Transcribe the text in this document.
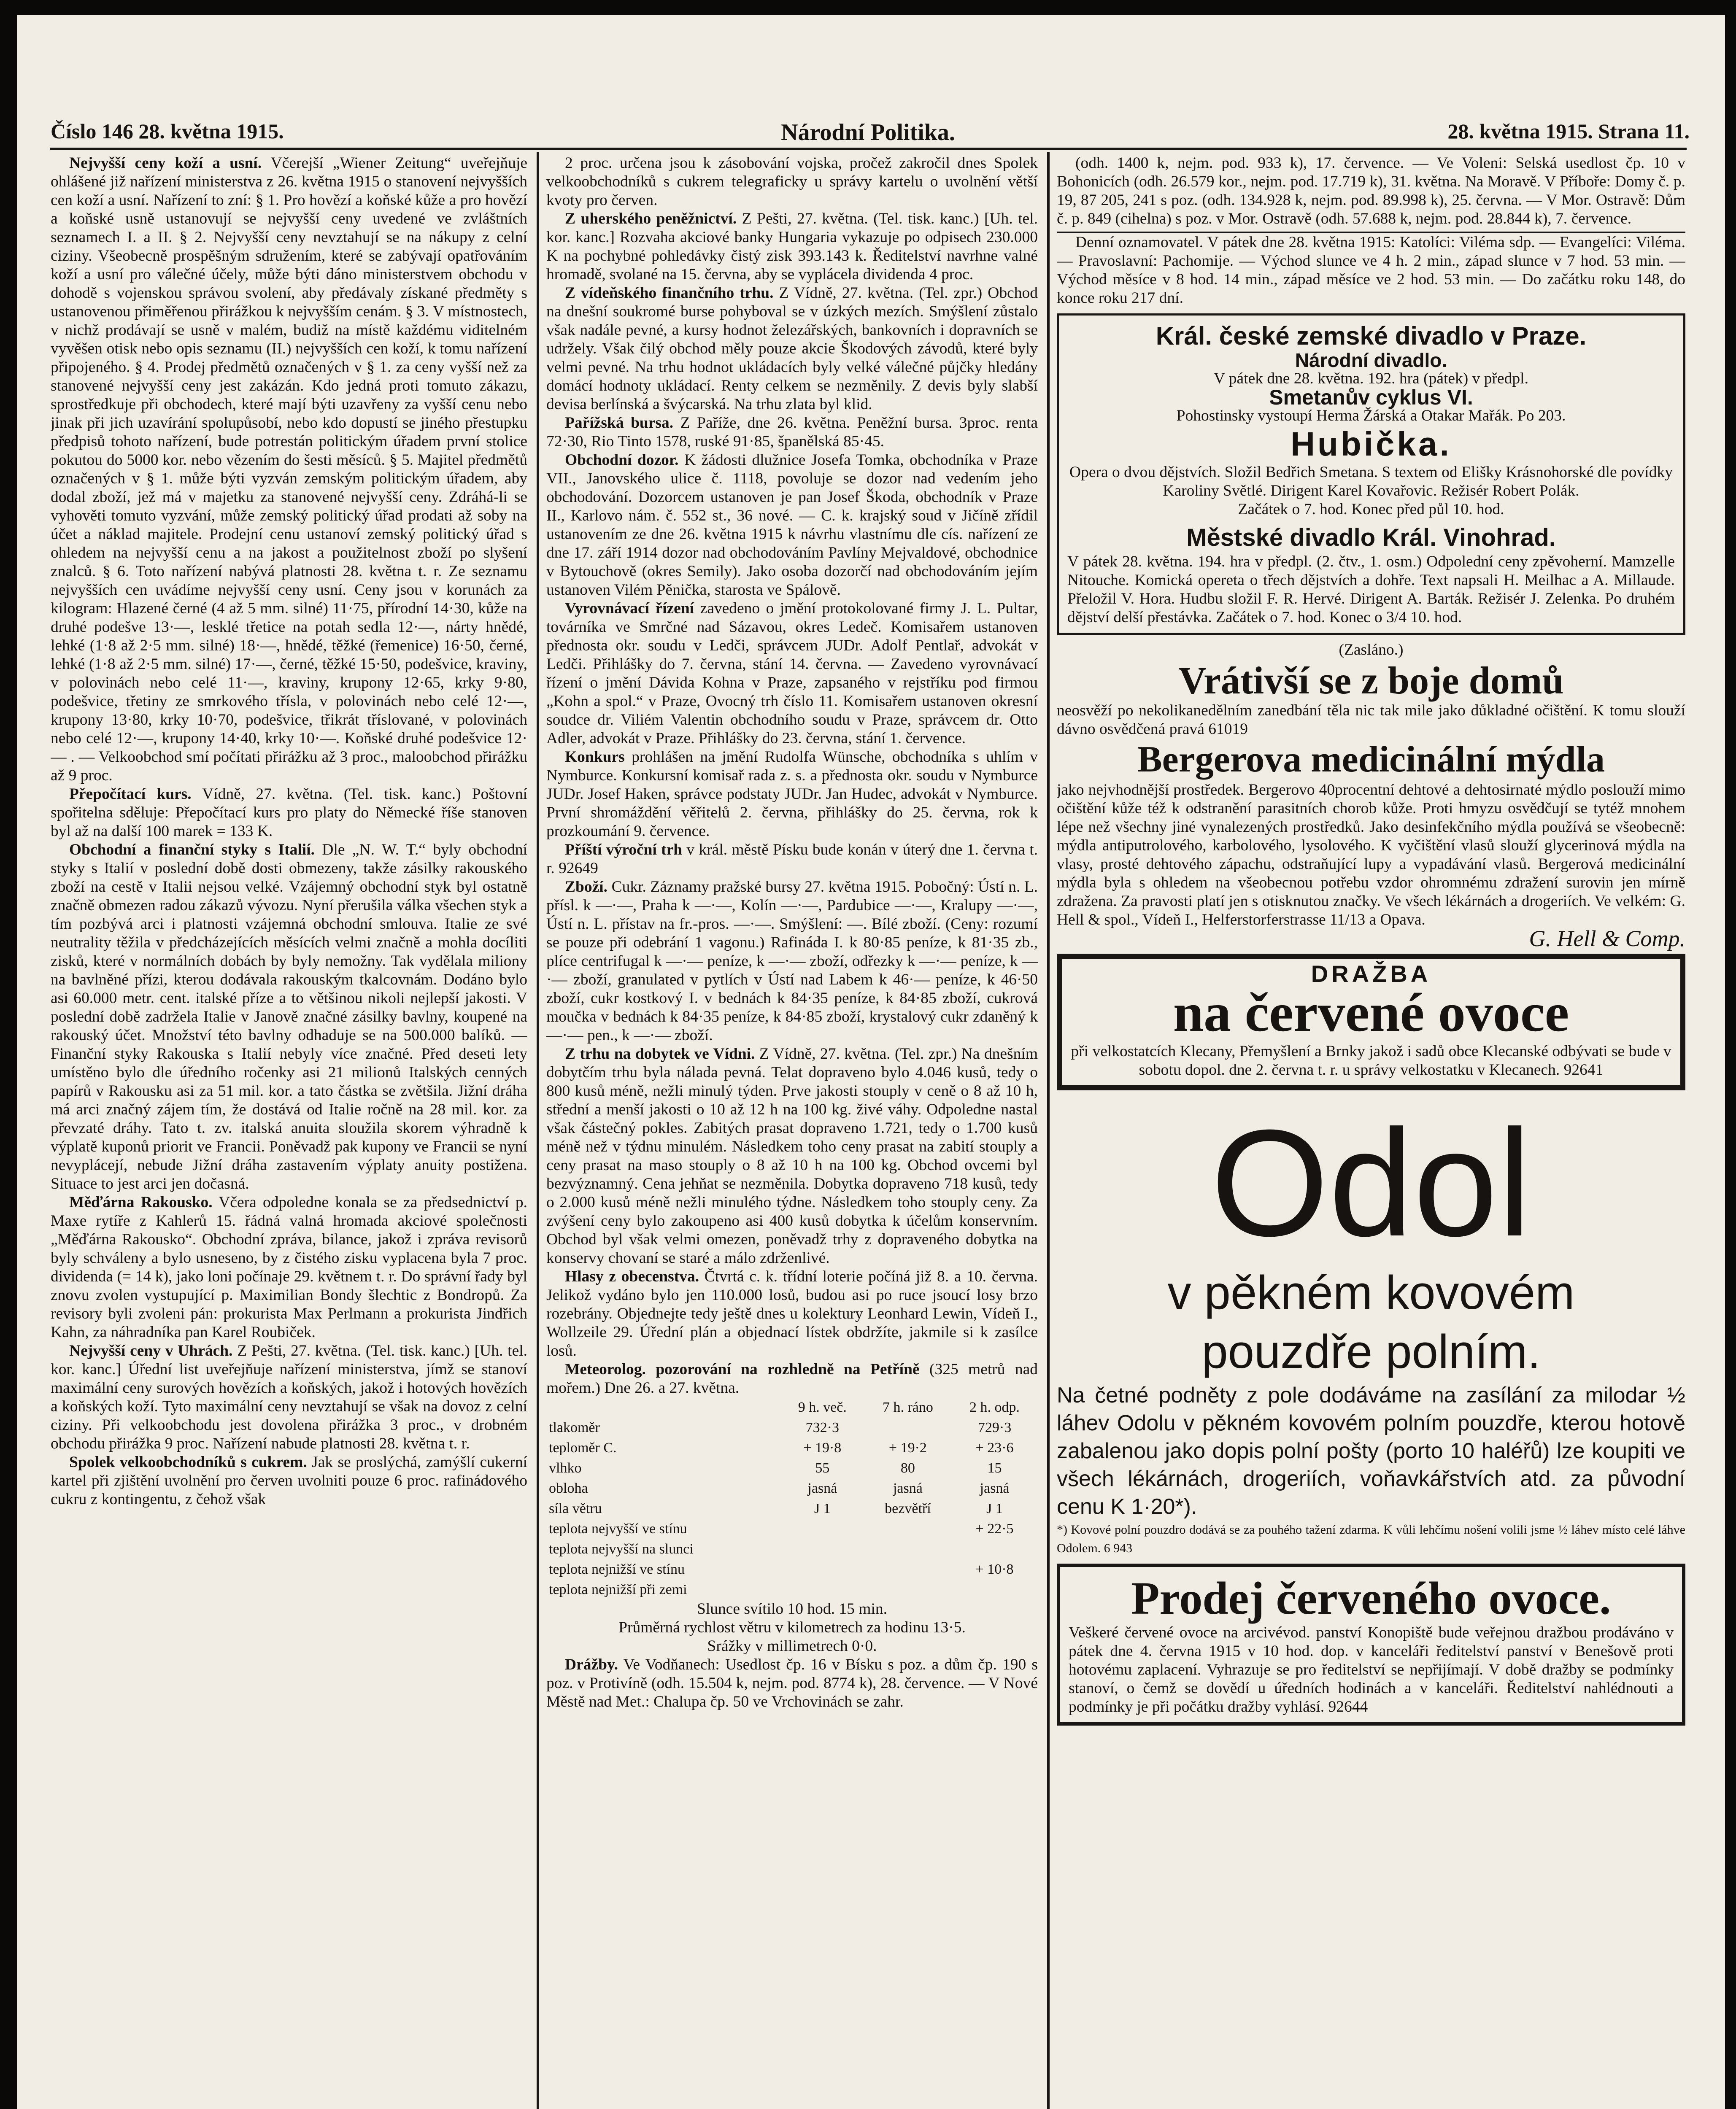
Číslo 146 28. května 1915.	Národní Politika.	28. května 1915. Strana 11.

Nejvyšší ceny koží a usní. Včerejší „Wiener Zeitung“ uveřejňuje ohlášené již nařízení ministerstva z 26. května 1915 o stanovení nejvyšších cen koží a usní. Nařízení to zní: § 1. Pro hovězí a koňské kůže a pro hovězí a koňské usně ustanovují se nejvyšší ceny uvedené ve zvláštních seznamech I. a II. § 2. Nejvyšší ceny nevztahují se na nákupy z celní ciziny. Všeobecně prospěšným sdružením, které se zabývají opatřováním koží a usní pro válečné účely, může býti dáno ministerstvem obchodu v dohodě s vojenskou správou svolení, aby předávaly získané předměty s ustanovenou přiměřenou přirážkou k nejvyšším cenám. § 3. V místnostech, v nichž prodávají se usně v malém, budiž na místě každému viditelném vyvěšen otisk nebo opis seznamu (II.) nejvyšších cen koží, k tomu nařízení připojeného. § 4. Prodej předmětů označených v § 1. za ceny vyšší než za stanovené nejvyšší ceny jest zakázán. Kdo jedná proti tomuto zákazu, sprostředkuje při obchodech, které mají býti uzavřeny za vyšší cenu nebo jinak při jich uzavírání spolupůsobí, nebo kdo dopustí se jiného přestupku předpisů tohoto nařízení, bude potrestán politickým úřadem první stolice pokutou do 5000 kor. nebo vězením do šesti měsíců. § 5. Majitel předmětů označených v § 1. může býti vyzván zemským politickým úřadem, aby dodal zboží, jež má v majetku za stanovené nejvyšší ceny. Zdráhá-li se vyhověti tomuto vyzvání, může zemský politický úřad prodati až soby na účet a náklad majitele. Prodejní cenu ustanoví zemský politický úřad s ohledem na nejvyšší cenu a na jakost a použitelnost zboží po slyšení znalců. § 6. Toto nařízení nabývá platnosti 28. května t. r. Ze seznamu nejvyšších cen uvádíme nejvyšší ceny usní. Ceny jsou v korunách za kilogram: Hlazené černé (4 až 5 mm. silné) 11·75, přírodní 14·30, kůže na druhé podešve 13·—, lesklé třetice na potah sedla 12·—, nárty hnědé, lehké (1·8 až 2·5 mm. silné) 18·—, hnědé, těžké (řemenice) 16·50, černé, lehké (1·8 až 2·5 mm. silné) 17·—, černé, těžké 15·50, podešvice, kraviny, v polovinách nebo celé 11·—, kraviny, krupony 12·65, krky 9·80, podešvice, třetiny ze smrkového třísla, v polovinách nebo celé 12·—, krupony 13·80, krky 10·70, podešvice, třikrát tříslované, v polovinách nebo celé 12·—, krupony 14·40, krky 10·—. Koňské druhé podešvice 12·— . — Velkoobchod smí počítati přirážku až 3 proc., maloobchod přirážku až 9 proc.

Přepočítací kurs. Vídně, 27. května. (Tel. tisk. kanc.) Poštovní spořitelna sděluje: Přepočítací kurs pro platy do Německé říše stanoven byl až na další 100 marek = 133 K.

Obchodní a finanční styky s Italií. Dle „N. W. T.“ byly obchodní styky s Italií v poslední době dosti obmezeny, takže zásilky rakouského zboží na cestě v Italii nejsou velké. Vzájemný obchodní styk byl ostatně značně obmezen radou zákazů vývozu. Nyní přerušila válka všechen styk a tím pozbývá arci i platnosti vzájemná obchodní smlouva. Italie ze své neutrality těžila v předcházejících měsících velmi značně a mohla docíliti zisků, které v normálních dobách by byly nemožny. Tak vydělala miliony na bavlněné přízi, kterou dodávala rakouským tkalcovnám. Dodáno bylo asi 60.000 metr. cent. italské příze a to většinou nikoli nejlepší jakosti. V poslední době zadržela Italie v Janově značné zásilky bavlny, koupené na rakouský účet. Množství této bavlny odhaduje se na 500.000 balíků. — Finanční styky Rakouska s Italií nebyly více značné. Před deseti lety umístěno bylo dle úředního ročenky asi 21 milionů Italských cenných papírů v Rakousku asi za 51 mil. kor. a tato částka se zvětšila. Jižní dráha má arci značný zájem tím, že dostává od Italie ročně na 28 mil. kor. za převzaté dráhy. Tato t. zv. italská anuita sloužila skorem výhradně k výplatě kuponů priorit ve Francii. Poněvadž pak kupony ve Francii se nyní nevyplácejí, nebude Jižní dráha zastavením výplaty anuity postižena. Situace to jest arci jen dočasná.

Měďárna Rakousko. Včera odpoledne konala se za předsednictví p. Maxe rytíře z Kahlerů 15. řádná valná hromada akciové společnosti „Měďárna Rakousko“. Obchodní zpráva, bilance, jakož i zpráva revisorů byly schváleny a bylo usneseno, by z čistého zisku vyplacena byla 7 proc. dividenda (= 14 k), jako loni počínaje 29. květnem t. r. Do správní řady byl znovu zvolen vystupující p. Maximilian Bondy šlechtic z Bondropů. Za revisory byli zvoleni pán: prokurista Max Perlmann a prokurista Jindřich Kahn, za náhradníka pan Karel Roubiček.

Nejvyšší ceny v Uhrách. Z Pešti, 27. května. (Tel. tisk. kanc.) [Uh. tel. kor. kanc.] Úřední list uveřejňuje nařízení ministerstva, jímž se stanoví maximální ceny surových hovězích a koňských, jakož i hotových hovězích a koňských koží. Tyto maximální ceny nevztahují se však na dovoz z celní ciziny. Při velkoobchodu jest dovolena přirážka 3 proc., v drobném obchodu přirážka 9 proc. Nařízení nabude platnosti 28. května t. r.

Spolek velkoobchodníků s cukrem. Jak se proslýchá, zamýšlí cukerní kartel při zjištění uvolnění pro červen uvolniti pouze 6 proc. rafinádového cukru z kontingentu, z čehož však

2 proc. určena jsou k zásobování vojska, pročež zakročil dnes Spolek velkoobchodníků s cukrem telegraficky u správy kartelu o uvolnění větší kvoty pro červen.

Z uherského peněžnictví. Z Pešti, 27. května. (Tel. tisk. kanc.) [Uh. tel. kor. kanc.] Rozvaha akciové banky Hungaria vykazuje po odpisech 230.000 K na pochybné pohledávky čistý zisk 393.143 k. Ředitelství navrhne valné hromadě, svolané na 15. června, aby se vyplácela dividenda 4 proc.

Z vídeňského finančního trhu. Z Vídně, 27. května. (Tel. zpr.) Obchod na dnešní soukromé burse pohyboval se v úzkých mezích. Smýšlení zůstalo však nadále pevné, a kursy hodnot železářských, bankovních i dopravních se udržely. Však čilý obchod měly pouze akcie Škodových závodů, které byly velmi pevné. Na trhu hodnot ukládacích byly velké válečné půjčky hledány domácí hodnoty ukládací. Renty celkem se nezměnily. Z devis byly slabší devisa berlínská a švýcarská. Na trhu zlata byl klid.

Pařížská bursa. Z Paříže, dne 26. května. Peněžní bursa. 3proc. renta 72·30, Rio Tinto 1578, ruské 91·85, španělská 85·45.

Obchodní dozor. K žádosti dlužnice Josefa Tomka, obchodníka v Praze VII., Janovského ulice č. 1118, povoluje se dozor nad vedením jeho obchodování. Dozorcem ustanoven je pan Josef Škoda, obchodník v Praze II., Karlovo nám. č. 552 st., 36 nové. — C. k. krajský soud v Jičíně zřídil ustanovením ze dne 26. května 1915 k návrhu vlastnímu dle cís. nařízení ze dne 17. září 1914 dozor nad obchodováním Pavlíny Mejvaldové, obchodnice v Bytouchově (okres Semily). Jako osoba dozorčí nad obchodováním jejím ustanoven Vilém Pěnička, starosta ve Spálově.

Vyrovnávací řízení zavedeno o jmění protokolované firmy J. L. Pultar, továrníka ve Smrčné nad Sázavou, okres Ledeč. Komisařem ustanoven přednosta okr. soudu v Ledči, správcem JUDr. Adolf Pentlař, advokát v Ledči. Přihlášky do 7. června, stání 14. června. — Zavedeno vyrovnávací řízení o jmění Dávida Kohna v Praze, zapsaného v rejstříku pod firmou „Kohn a spol.“ v Praze, Ovocný trh číslo 11. Komisařem ustanoven okresní soudce dr. Viliém Valentin obchodního soudu v Praze, správcem dr. Otto Adler, advokát v Praze. Přihlášky do 23. června, stání 1. července.

Konkurs prohlášen na jmění Rudolfa Wünsche, obchodníka s uhlím v Nymburce. Konkursní komisař rada z. s. a přednosta okr. soudu v Nymburce JUDr. Josef Haken, správce podstaty JUDr. Jan Hudec, advokát v Nymburce. První shromáždění věřitelů 2. června, přihlášky do 25. června, rok k prozkoumání 9. července.

Příští výroční trh v král. městě Písku bude konán v úterý dne 1. června t. r. 92649

Zboží. Cukr. Záznamy pražské bursy 27. května 1915. Pobočný: Ústí n. L. přísl. k —·—, Praha k —·—, Kolín —·—, Pardubice —·—, Kralupy —·—, Ústí n. L. přístav na fr.-pros. —·—. Smýšlení: —. Bílé zboží. (Ceny: rozumí se pouze při odebrání 1 vagonu.) Rafináda I. k 80·85 peníze, k 81·35 zb., plíce centrifugal k —·— peníze, k —·— zboží, odřezky k —·— peníze, k —·— zboží, granulated v pytlích v Ústí nad Labem k 46·— peníze, k 46·50 zboží, cukr kostkový I. v bednách k 84·35 peníze, k 84·85 zboží, cukrová moučka v bednách k 84·35 peníze, k 84·85 zboží, krystalový cukr zdaněný k —·— pen., k —·— zboží.

Z trhu na dobytek ve Vídni. Z Vídně, 27. května. (Tel. zpr.) Na dnešním dobytčím trhu byla nálada pevná. Telat dopraveno bylo 4.046 kusů, tedy o 800 kusů méně, nežli minulý týden. Prve jakosti stouply v ceně o 8 až 10 h, střední a menší jakosti o 10 až 12 h na 100 kg. živé váhy. Odpoledne nastal však částečný pokles. Zabitých prasat dopraveno 1.721, tedy o 1.700 kusů méně než v týdnu minulém. Následkem toho ceny prasat na zabití stouply a ceny prasat na maso stouply o 8 až 10 h na 100 kg. Obchod ovcemi byl bezvýznamný. Cena jehňat se nezměnila. Dobytka dopraveno 718 kusů, tedy o 2.000 kusů méně nežli minulého týdne. Následkem toho stouply ceny. Za zvýšení ceny bylo zakoupeno asi 400 kusů dobytka k účelům konservním. Obchod byl však velmi omezen, poněvadž trhy z dopraveného dobytka na konservy chovaní se staré a málo zdrženlivé.

Hlasy z obecenstva. Čtvrtá c. k. třídní loterie počíná již 8. a 10. června. Jelikož vydáno bylo jen 110.000 losů, budou asi po ruce jsoucí losy brzo rozebrány. Objednejte tedy ještě dnes u kolektury Leonhard Lewin, Vídeň I., Wollzeile 29. Úřední plán a objednací lístek obdržíte, jakmile si k zasílce losů.

Meteorolog. pozorování na rozhledně na Petříně (325 metrů nad mořem.) Dne 26. a 27. května.

	9 h. več.	7 h. ráno	2 h. odp.
tlakoměr	732·3		729·3
teploměr C.	+ 19·8	+ 19·2	+ 23·6
vlhko	55	80	15
obloha	jasná	jasná	jasná
síla větru	J 1	bezvětří	J 1
teplota nejvyšší ve stínu			+ 22·5
teplota nejvyšší na slunci			
teplota nejnižší ve stínu			+ 10·8
teplota nejnižší při zemi			
Slunce svítilo 10 hod. 15 min.
Průměrná rychlost větru v kilometrech za hodinu 13·5.
Srážky v millimetrech 0·0.

Drážby. Ve Vodňanech: Usedlost čp. 16 v Bísku s poz. a dům čp. 190 s poz. v Protivíně (odh. 15.504 k, nejm. pod. 8774 k), 28. července. — V Nové Městě nad Met.: Chalupa čp. 50 ve Vrchovinách se zahr.

(odh. 1400 k, nejm. pod. 933 k), 17. července. — Ve Voleni: Selská usedlost čp. 10 v Bohonicích (odh. 26.579 kor., nejm. pod. 17.719 k), 31. května. Na Moravě. V Příboře: Domy č. p. 19, 87 205, 241 s poz. (odh. 134.928 k, nejm. pod. 89.998 k), 25. června. — V Mor. Ostravě: Dům č. p. 849 (cihelna) s poz. v Mor. Ostravě (odh. 57.688 k, nejm. pod. 28.844 k), 7. července.

Denní oznamovatel. V pátek dne 28. května 1915: Katolíci: Viléma sdp. — Evangelíci: Viléma. — Pravoslavní: Pachomije. — Východ slunce ve 4 h. 2 min., západ slunce v 7 hod. 53 min. — Východ měsíce v 8 hod. 14 min., západ měsíce ve 2 hod. 53 min. — Do začátku roku 148, do konce roku 217 dní.

Král. české zemské divadlo v Praze.
Národní divadlo.
V pátek dne 28. května. 192. hra (pátek) v předpl.
Smetanův cyklus VI.
Pohostinsky vystoupí Herma Žárská a Otakar Mařák. Po 203.
Hubička.
Opera o dvou dějstvích. Složil Bedřich Smetana. S textem od Elišky Krásnohorské dle povídky Karoliny Světlé. Dirigent Karel Kovařovic. Režisér Robert Polák.
Začátek o 7. hod. Konec před půl 10. hod.
Městské divadlo Král. Vinohrad.
V pátek 28. května. 194. hra v předpl. (2. čtv., 1. osm.) Odpolední ceny zpěvoherní. Mamzelle Nitouche. Komická opereta o třech dějstvích a dohře. Text napsali H. Meilhac a A. Millaude. Přeložil V. Hora. Hudbu složil F. R. Hervé. Dirigent A. Barták. Režisér J. Zelenka. Po druhém dějství delší přestávka. Začátek o 7. hod. Konec o 3/4 10. hod.
(Zasláno.)
Vrátivší se z boje domů
neosvěží po nekolikanedělním zanedbání těla nic tak mile jako důkladné očištění. K tomu slouží dávno osvědčená pravá 61019
Bergerova medicinální mýdla
jako nejvhodnější prostředek. Bergerovo 40procentní dehtové a dehtosirnaté mýdlo poslouží mimo očištění kůže též k odstranění parasitních chorob kůže. Proti hmyzu osvědčují se tytéž mnohem lépe než všechny jiné vynalezených prostředků. Jako desinfekčního mýdla používá se všeobecně: mýdla antiputrolového, karbolového, lysolového. K vyčištění vlasů slouží glycerinová mýdla na vlasy, prosté dehtového zápachu, odstraňující lupy a vypadávání vlasů. Bergerová medicinální mýdla byla s ohledem na všeobecnou potřebu vzdor ohromnému zdražení surovin jen mírně zdražena. Za pravosti platí jen s otisknutou značky. Ve všech lékárnách a drogeriích. Ve velkém: G. Hell & spol., Vídeň I., Helferstorferstrasse 11/13 a Opava.
G. Hell & Comp.
DRAŽBA
na červené ovoce
při velkostatcích Klecany, Přemyšlení a Brnky jakož i sadů obce Klecanské odbývati se bude v sobotu dopol. dne 2. června t. r. u správy velkostatku v Klecanech. 92641
Odol
v pěkném kovovém
pouzdře polním.
Na četné podněty z pole dodáváme na zasílání za milodar ½ láhev Odolu v pěkném kovovém polním pouzdře, kterou hotově zabalenou jako dopis polní pošty (porto 10 haléřů) lze koupiti ve všech lékárnách, drogeriích, voňavkářstvích atd. za původní cenu K 1·20*).
*) Kovové polní pouzdro dodává se za pouhého tažení zdarma. K vůli lehčímu nošení volili jsme ½ láhev místo celé láhve Odolem. 6 943
Prodej červeného ovoce.
Veškeré červené ovoce na arcivévod. panství Konopiště bude veřejnou dražbou prodáváno v pátek dne 4. června 1915 v 10 hod. dop. v kanceláři ředitelství panství v Benešově proti hotovému zaplacení. Vyhrazuje se pro ředitelství se nepřijímají. V době dražby se podmínky stanoví, o čemž se dovědí u úředních hodinách a v kanceláři. Ředitelství nahlédnouti a podmínky je při počátku dražby vyhlásí. 92644
